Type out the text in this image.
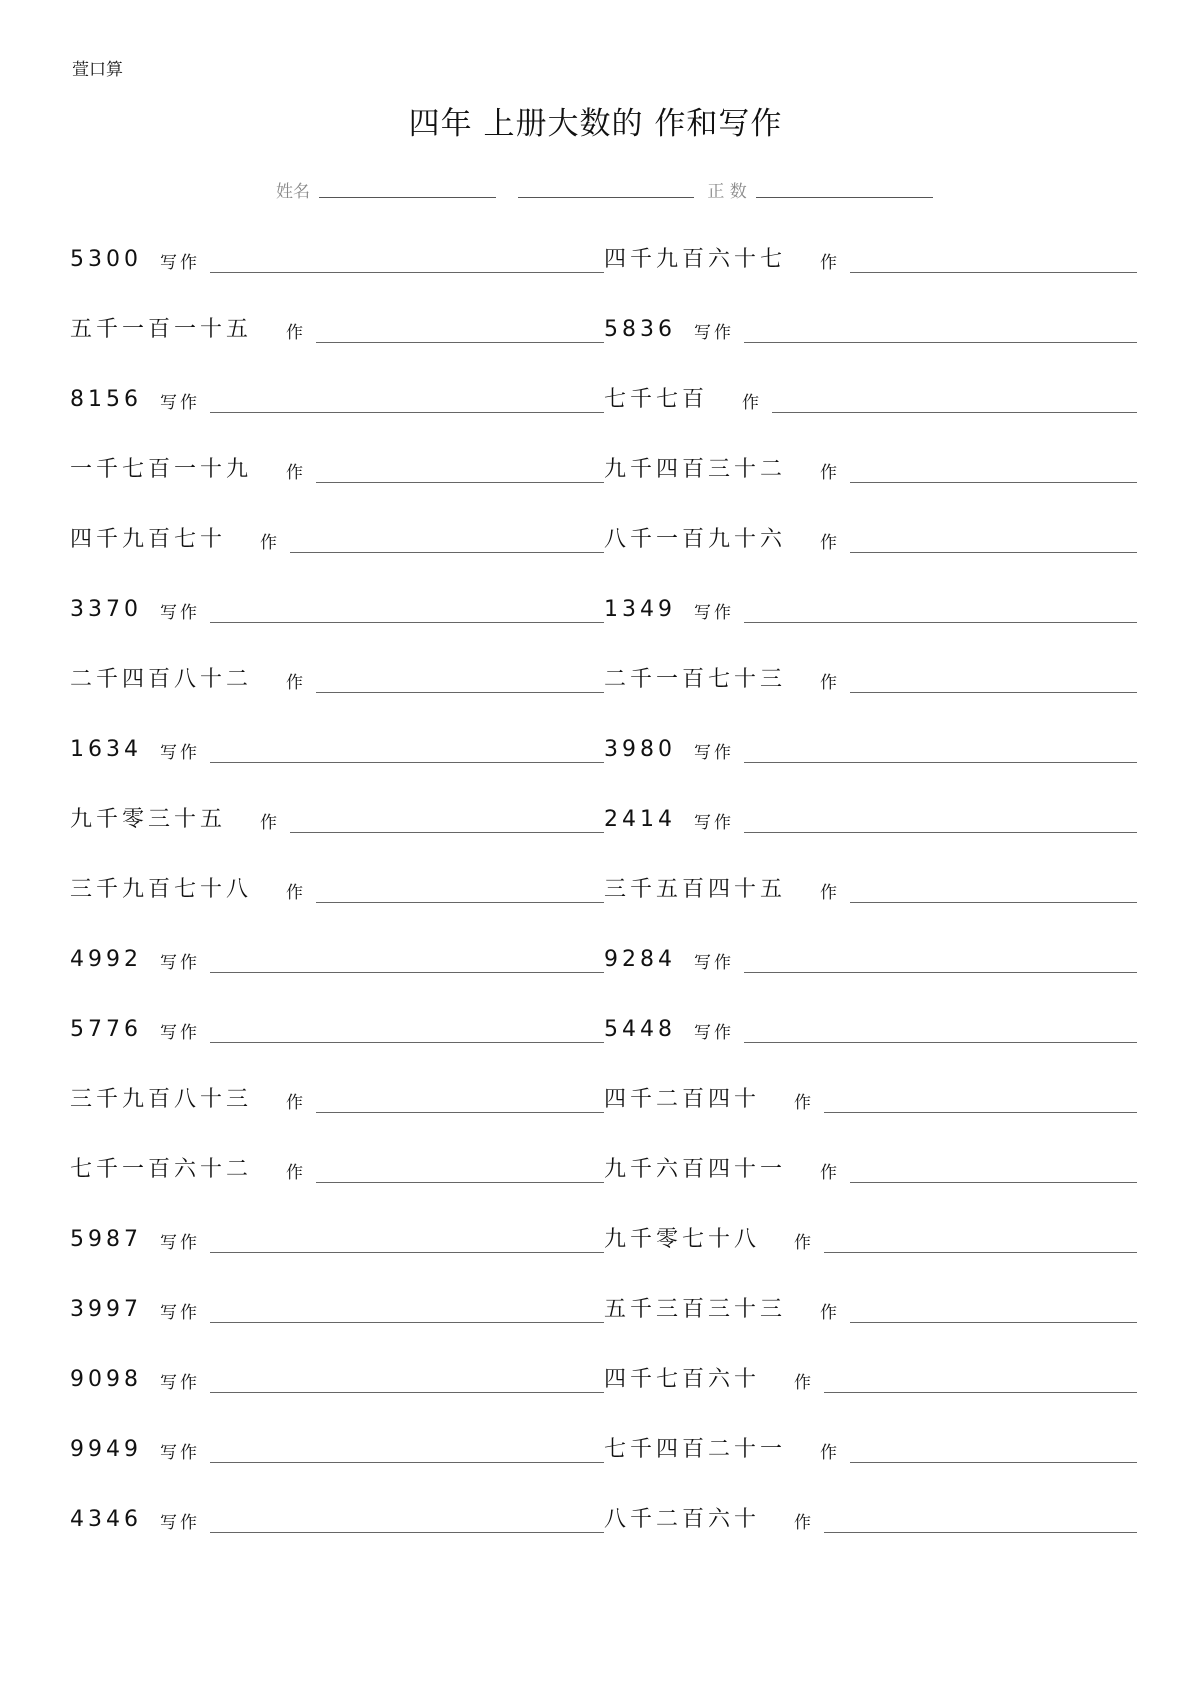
萱口算
四年 上册大数的 作和写作
姓名	正 数
5300 写作	四千九百六十七 作
五千一百一十五 作	5836 写作
8156 写作	七千七百 作
一千七百一十九 作	九千四百三十二 作
四千九百七十 作	八千一百九十六 作
3370 写作	1349 写作
二千四百八十二 作	二千一百七十三 作
1634 写作	3980 写作
九千零三十五 作	2414 写作
三千九百七十八 作	三千五百四十五 作
4992 写作	9284 写作
5776 写作	5448 写作
三千九百八十三 作	四千二百四十 作
七千一百六十二 作	九千六百四十一 作
5987 写作	九千零七十八 作
3997 写作	五千三百三十三 作
9098 写作	四千七百六十 作
9949 写作	七千四百二十一 作
4346 写作	八千二百六十 作
